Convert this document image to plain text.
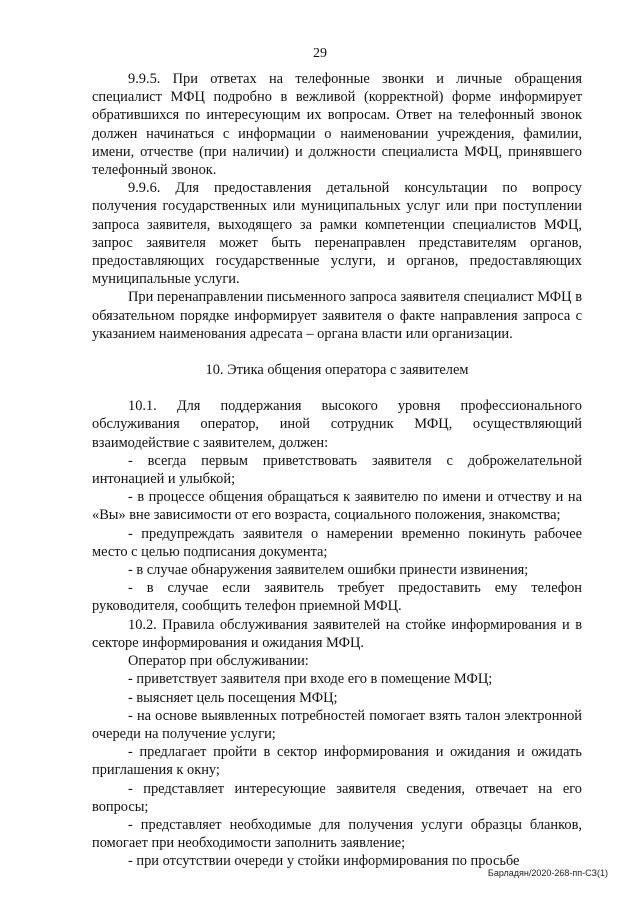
29

9.9.5. При ответах на телефонные звонки и личные обращения специалист МФЦ подробно в вежливой (корректной) форме информирует обратившихся по интересующим их вопросам. Ответ на телефонный звонок должен начинаться с информации о наименовании учреждения, фамилии, имени, отчестве (при наличии) и должности специалиста МФЦ, принявшего телефонный звонок.

9.9.6. Для предоставления детальной консультации по вопросу получения государственных или муниципальных услуг или при поступлении запроса заявителя, выходящего за рамки компетенции специалистов МФЦ, запрос заявителя может быть перенаправлен представителям органов, предоставляющих государственные услуги, и органов, предоставляющих муниципальные услуги.

При перенаправлении письменного запроса заявителя специалист МФЦ в обязательном порядке информирует заявителя о факте направления запроса с указанием наименования адресата – органа власти или организации.

10. Этика общения оператора с заявителем

10.1. Для поддержания высокого уровня профессионального обслуживания оператор, иной сотрудник МФЦ, осуществляющий взаимодействие с заявителем, должен:

- всегда первым приветствовать заявителя с доброжелательной интонацией и улыбкой;

- в процессе общения обращаться к заявителю по имени и отчеству и на «Вы» вне зависимости от его возраста, социального положения, знакомства;

- предупреждать заявителя о намерении временно покинуть рабочее место с целью подписания документа;

- в случае обнаружения заявителем ошибки принести извинения;

- в случае если заявитель требует предоставить ему телефон руководителя, сообщить телефон приемной МФЦ.

10.2. Правила обслуживания заявителей на стойке информирования и в секторе информирования и ожидания МФЦ.

Оператор при обслуживании:

- приветствует заявителя при входе его в помещение МФЦ;

- выясняет цель посещения МФЦ;

- на основе выявленных потребностей помогает взять талон электронной очереди на получение услуги;

- предлагает пройти в сектор информирования и ожидания и ожидать приглашения к окну;

- представляет интересующие заявителя сведения, отвечает на его вопросы;

- представляет необходимые для получения услуги образцы бланков, помогает при необходимости заполнить заявление;

- при отсутствии очереди у стойки информирования по просьбе

Барладян/2020-268-пп-СЗ(1)
